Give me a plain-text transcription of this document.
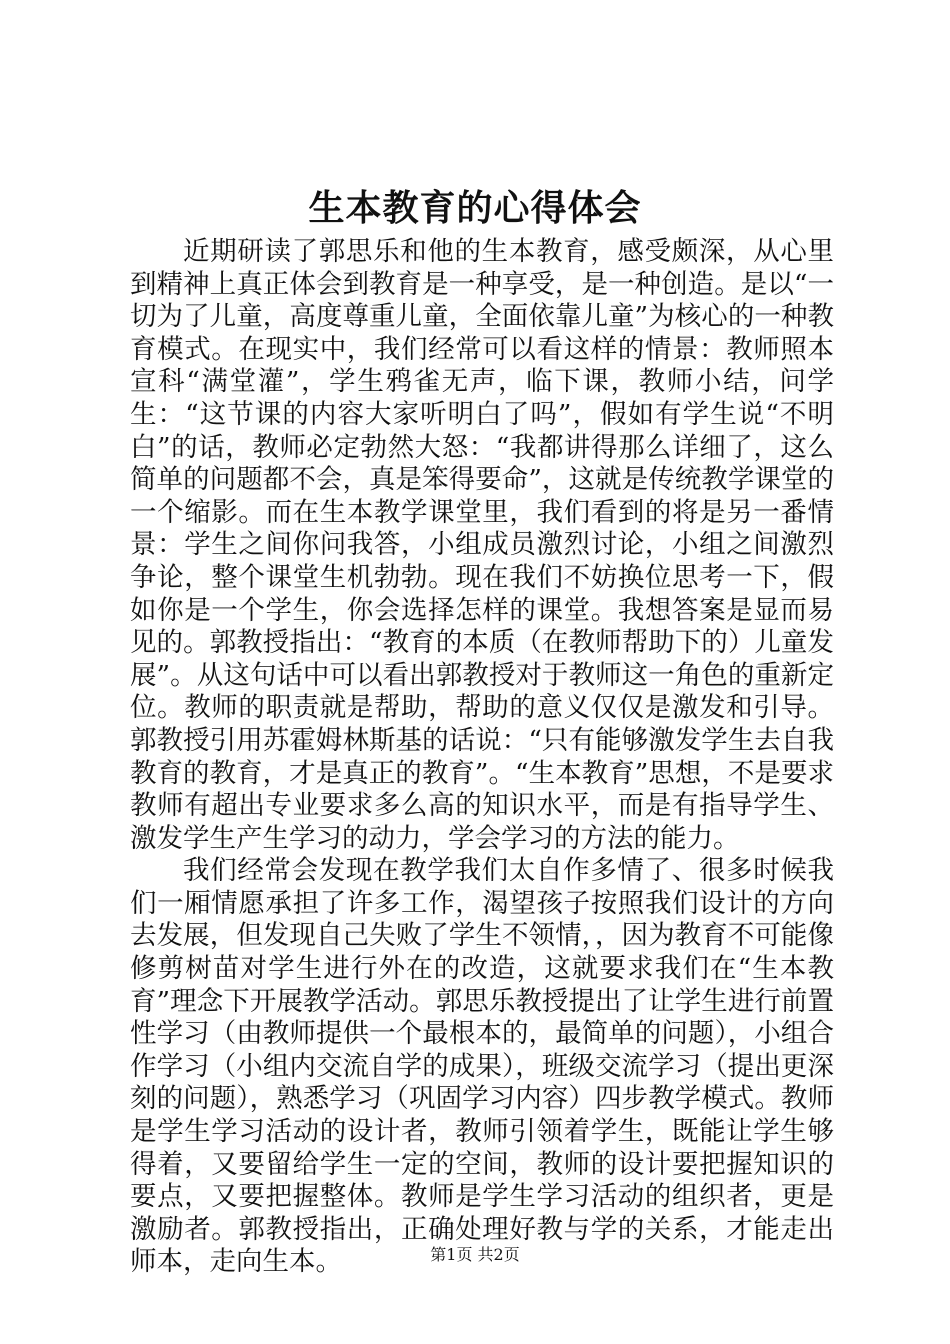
生本教育的心得体会

近期研读了郭思乐和他的生本教育，感受颇深，从心里到精神上真正体会到教育是一种享受，是一种创造。是以“一切为了儿童，高度尊重儿童，全面依靠儿童”为核心的一种教育模式。在现实中，我们经常可以看这样的情景：教师照本宣科“满堂灌”，学生鸦雀无声，临下课，教师小结，问学生：“这节课的内容大家听明白了吗”，假如有学生说“不明白”的话，教师必定勃然大怒：“我都讲得那么详细了，这么简单的问题都不会，真是笨得要命”，这就是传统教学课堂的一个缩影。而在生本教学课堂里，我们看到的将是另一番情景：学生之间你问我答，小组成员激烈讨论，小组之间激烈争论，整个课堂生机勃勃。现在我们不妨换位思考一下，假如你是一个学生，你会选择怎样的课堂。我想答案是显而易见的。郭教授指出：“教育的本质（在教师帮助下的）儿童发展”。从这句话中可以看出郭教授对于教师这一角色的重新定位。教师的职责就是帮助，帮助的意义仅仅是激发和引导。郭教授引用苏霍姆林斯基的话说：“只有能够激发学生去自我教育的教育，才是真正的教育”。“生本教育”思想，不是要求教师有超出专业要求多么高的知识水平，而是有指导学生、激发学生产生学习的动力，学会学习的方法的能力。

我们经常会发现在教学我们太自作多情了、很多时候我们一厢情愿承担了许多工作，渴望孩子按照我们设计的方向去发展，但发现自己失败了学生不领情，，因为教育不可能像修剪树苗对学生进行外在的改造，这就要求我们在“生本教育”理念下开展教学活动。郭思乐教授提出了让学生进行前置性学习（由教师提供一个最根本的，最简单的问题），小组合作学习（小组内交流自学的成果），班级交流学习（提出更深刻的问题），熟悉学习（巩固学习内容）四步教学模式。教师是学生学习活动的设计者，教师引领着学生，既能让学生够得着，又要留给学生一定的空间，教师的设计要把握知识的要点，又要把握整体。教师是学生学习活动的组织者，更是激励者。郭教授指出，正确处理好教与学的关系，才能走出师本，走向生本。	第1页 共2页
